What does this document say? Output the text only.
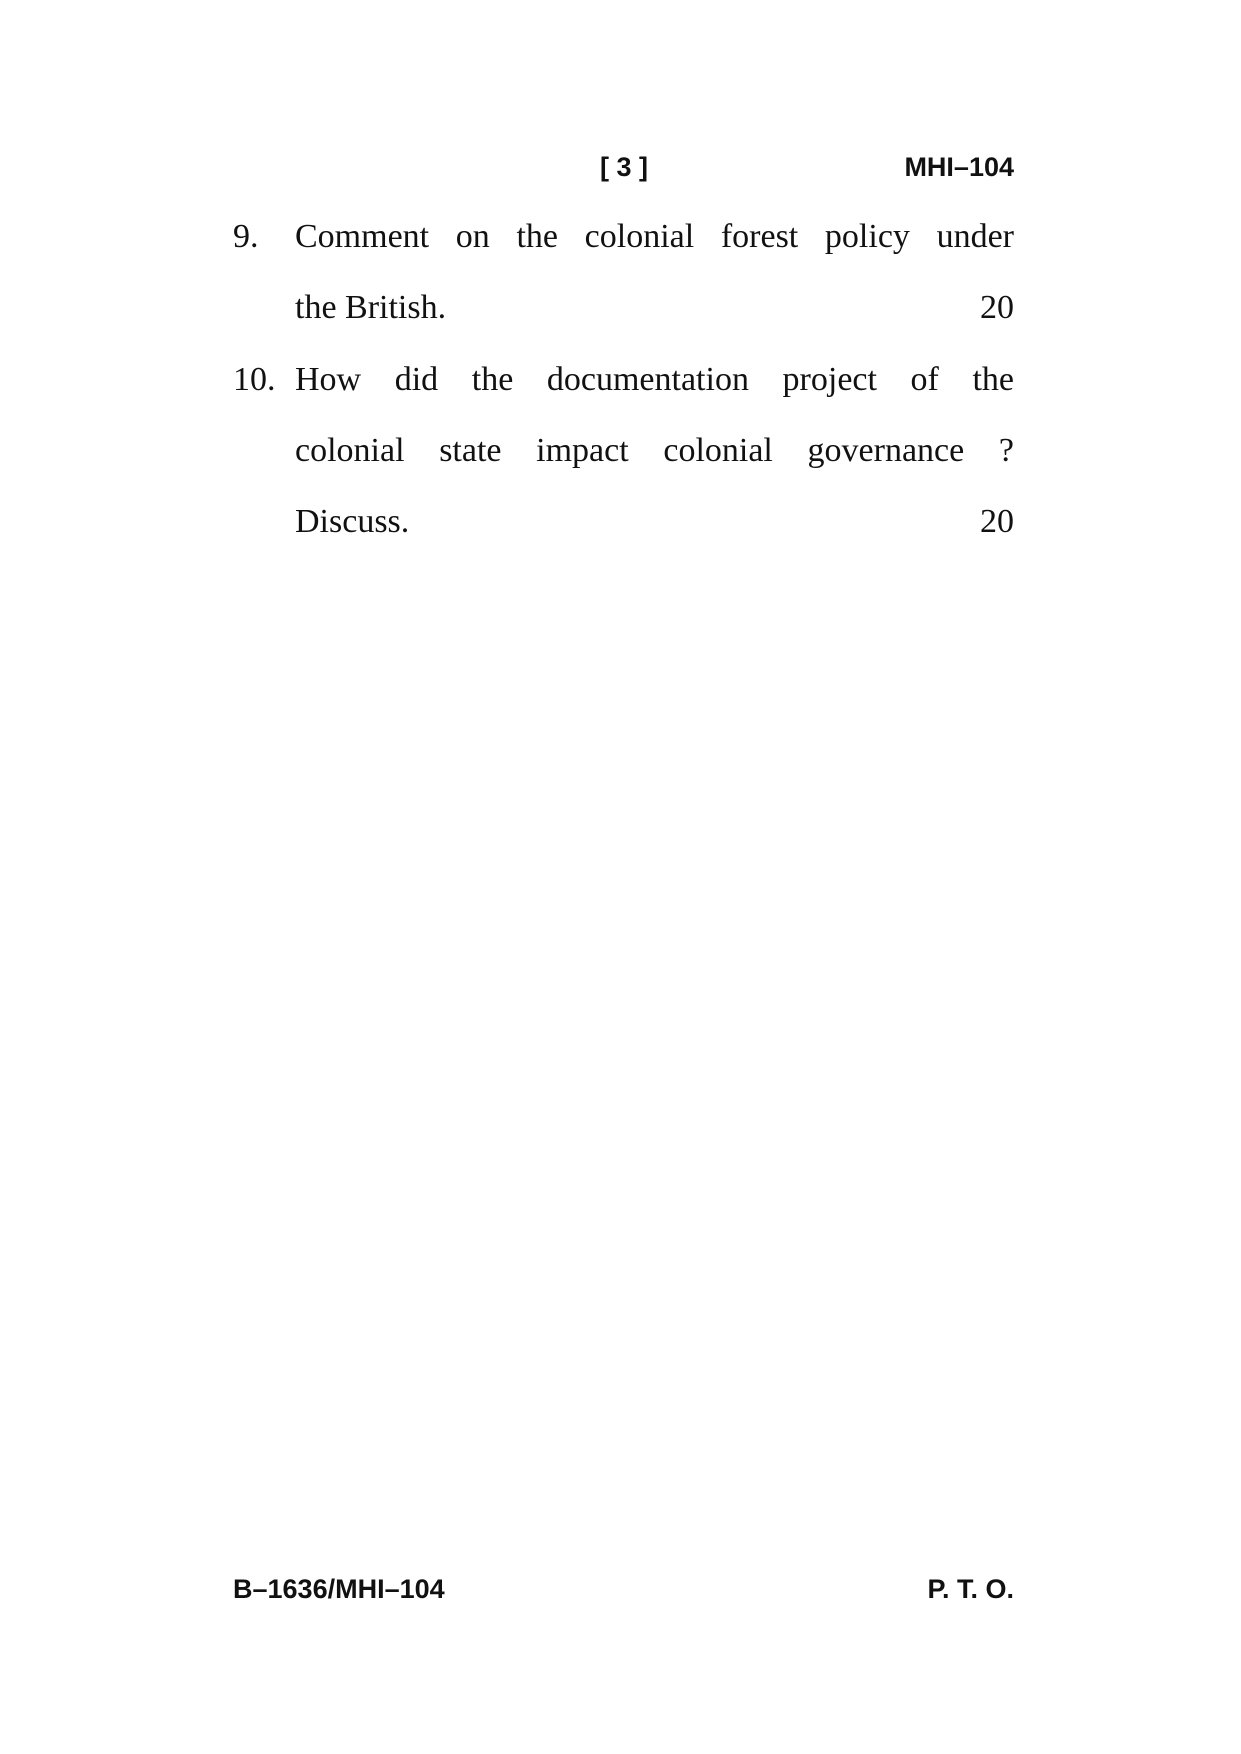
[ 3 ]	MHI–104
9. Comment on the colonial forest policy under
the British.	20
10. How did the documentation project of the
colonial state impact colonial governance ?
Discuss.	20
B–1636/MHI–104	P. T. O.
